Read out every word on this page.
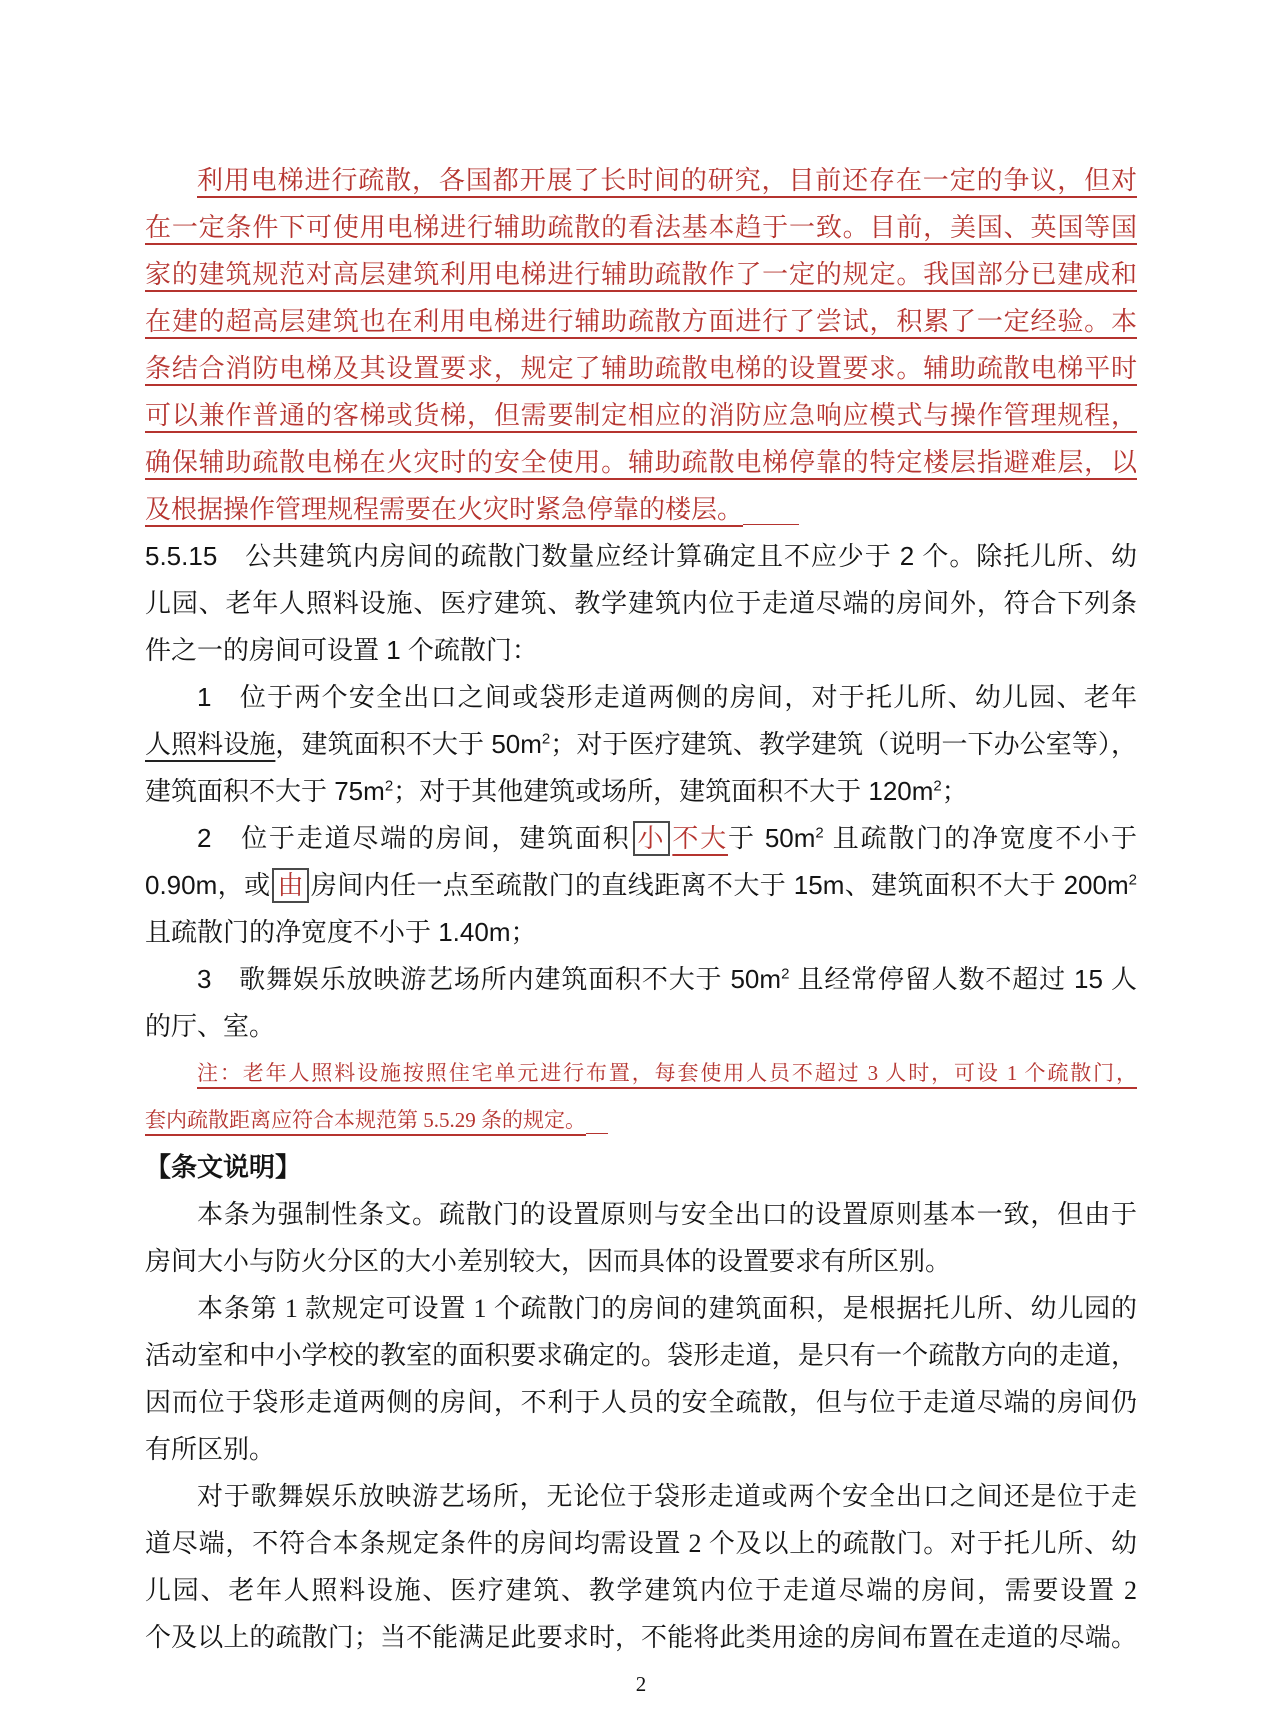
利用电梯进行疏散，各国都开展了长时间的研究，目前还存在一定的争议，但对
在一定条件下可使用电梯进行辅助疏散的看法基本趋于一致。目前，美国、英国等国
家的建筑规范对高层建筑利用电梯进行辅助疏散作了一定的规定。我国部分已建成和
在建的超高层建筑也在利用电梯进行辅助疏散方面进行了尝试，积累了一定经验。本
条结合消防电梯及其设置要求，规定了辅助疏散电梯的设置要求。辅助疏散电梯平时
可以兼作普通的客梯或货梯，但需要制定相应的消防应急响应模式与操作管理规程，
确保辅助疏散电梯在火灾时的安全使用。辅助疏散电梯停靠的特定楼层指避难层，以
及根据操作管理规程需要在火灾时紧急停靠的楼层。
5.5.15　公共建筑内房间的疏散门数量应经计算确定且不应少于 2 个。除托儿所、幼
儿园、老年人照料设施、医疗建筑、教学建筑内位于走道尽端的房间外，符合下列条
件之一的房间可设置 1 个疏散门：
1　位于两个安全出口之间或袋形走道两侧的房间，对于托儿所、幼儿园、老年
人照料设施，建筑面积不大于 $50m^2$；对于医疗建筑、教学建筑（说明一下办公室等），
建筑面积不大于 $75m^2$；对于其他建筑或场所，建筑面积不大于 $120m^2$；
2　位于走道尽端的房间，建筑面积 小 不大于 $50m^2$ 且疏散门的净宽度不小于
0.90m，或 由 房间内任一点至疏散门的直线距离不大于 15m、建筑面积不大于 $200m^2$
且疏散门的净宽度不小于 1.40m；
3　歌舞娱乐放映游艺场所内建筑面积不大于 $50m^2$ 且经常停留人数不超过 15 人
的厅、室。
注：老年人照料设施按照住宅单元进行布置，每套使用人员不超过 3 人时，可设 1 个疏散门，
套内疏散距离应符合本规范第 5.5.29 条的规定。
【条文说明】
本条为强制性条文。疏散门的设置原则与安全出口的设置原则基本一致，但由于
房间大小与防火分区的大小差别较大，因而具体的设置要求有所区别。
本条第 1 款规定可设置 1 个疏散门的房间的建筑面积，是根据托儿所、幼儿园的
活动室和中小学校的教室的面积要求确定的。袋形走道，是只有一个疏散方向的走道，
因而位于袋形走道两侧的房间，不利于人员的安全疏散，但与位于走道尽端的房间仍
有所区别。
对于歌舞娱乐放映游艺场所，无论位于袋形走道或两个安全出口之间还是位于走
道尽端，不符合本条规定条件的房间均需设置 2 个及以上的疏散门。对于托儿所、幼
儿园、老年人照料设施、医疗建筑、教学建筑内位于走道尽端的房间，需要设置 2
个及以上的疏散门；当不能满足此要求时，不能将此类用途的房间布置在走道的尽端。
2
